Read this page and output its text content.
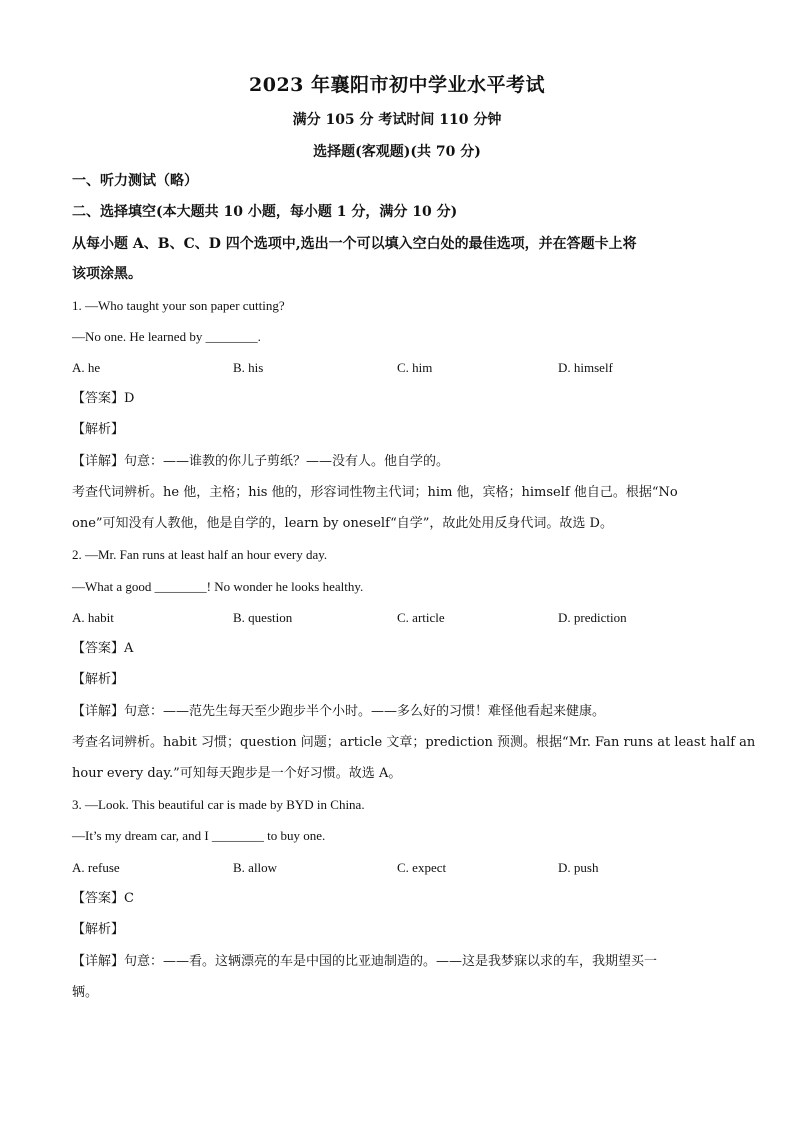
2023 年襄阳市初中学业水平考试
满分 105 分 考试时间 110 分钟
选择题(客观题)(共 70 分)
一、听力测试（略）
二、选择填空(本大题共 10 小题，每小题 1 分，满分 10 分)
从每小题 A、B、C、D 四个选项中,选出一个可以填入空白处的最佳选项，并在答题卡上将
该项涂黑。
1. —Who taught your son paper cutting?
—No one. He learned by ________.
A. he	B. his	C. him	D. himself
【答案】D
【解析】
【详解】句意：——谁教的你儿子剪纸？——没有人。他自学的。
考查代词辨析。he 他，主格；his 他的，形容词性物主代词；him 他，宾格；himself 他自己。根据“No
one”可知没有人教他，他是自学的，learn by oneself“自学”，故此处用反身代词。故选 D。
2. —Mr. Fan runs at least half an hour every day.
—What a good ________! No wonder he looks healthy.
A. habit	B. question	C. article	D. prediction
【答案】A
【解析】
【详解】句意：——范先生每天至少跑步半个小时。——多么好的习惯！难怪他看起来健康。
考查名词辨析。habit 习惯；question 问题；article 文章；prediction 预测。根据“Mr. Fan runs at least half an
hour every day.”可知每天跑步是一个好习惯。故选 A。
3. —Look. This beautiful car is made by BYD in China.
—It’s my dream car, and I ________ to buy one.
A. refuse	B. allow	C. expect	D. push
【答案】C
【解析】
【详解】句意：——看。这辆漂亮的车是中国的比亚迪制造的。——这是我梦寐以求的车，我期望买一
辆。
